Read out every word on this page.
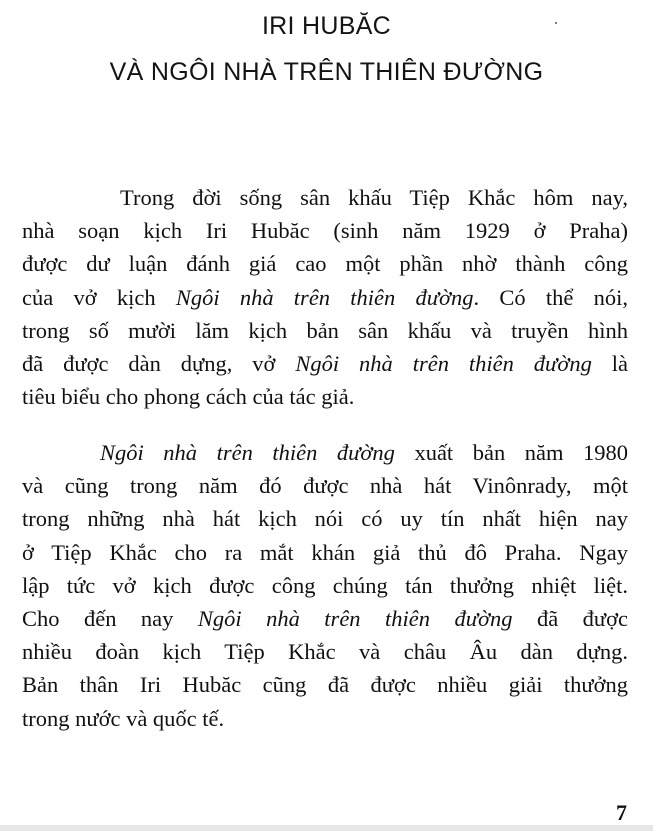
IRI HUBĂC
VÀ NGÔI NHÀ TRÊN THIÊN ĐƯỜNG
Trong đời sống sân khấu Tiệp Khắc hôm nay,
nhà soạn kịch Iri Hubăc (sinh năm 1929 ở Praha)
được dư luận đánh giá cao một phần nhờ thành công
của vở kịch Ngôi nhà trên thiên đường. Có thể nói,
trong số mười lăm kịch bản sân khấu và truyền hình
đã được dàn dựng, vở Ngôi nhà trên thiên đường là
tiêu biểu cho phong cách của tác giả.
Ngôi nhà trên thiên đường xuất bản năm 1980
và cũng trong năm đó được nhà hát Vinônrady, một
trong những nhà hát kịch nói có uy tín nhất hiện nay
ở Tiệp Khắc cho ra mắt khán giả thủ đô Praha. Ngay
lập tức vở kịch được công chúng tán thưởng nhiệt liệt.
Cho đến nay Ngôi nhà trên thiên đường đã được
nhiều đoàn kịch Tiệp Khắc và châu Âu dàn dựng.
Bản thân Iri Hubăc cũng đã được nhiều giải thưởng
trong nước và quốc tế.
7
